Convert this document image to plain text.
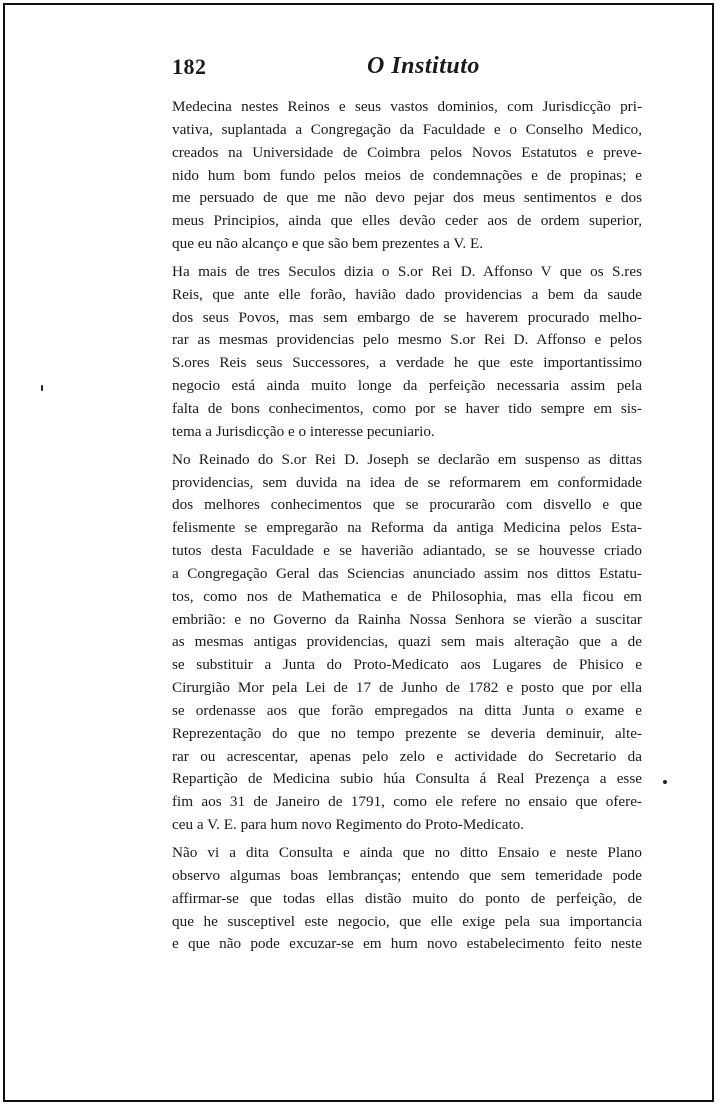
182	O Instituto
Medecina nestes Reinos e seus vastos dominios, com Jurisdicção pri-
vativa, suplantada a Congregação da Faculdade e o Conselho Medico,
creados na Universidade de Coimbra pelos Novos Estatutos e preve-
nido hum bom fundo pelos meios de condemnações e de propinas; e
me persuado de que me não devo pejar dos meus sentimentos e dos
meus Principios, ainda que elles devão ceder aos de ordem superior,
que eu não alcanço e que são bem prezentes a V. E.
Ha mais de tres Seculos dizia o S.or Rei D. Affonso V que os S.res
Reis, que ante elle forão, havião dado providencias a bem da saude
dos seus Povos, mas sem embargo de se haverem procurado melho-
rar as mesmas providencias pelo mesmo S.or Rei D. Affonso e pelos
S.ores Reis seus Successores, a verdade he que este importantissimo
negocio está ainda muito longe da perfeição necessaria assim pela
falta de bons conhecimentos, como por se haver tido sempre em sis-
tema a Jurisdicção e o interesse pecuniario.
No Reinado do S.or Rei D. Joseph se declarão em suspenso as dittas
providencias, sem duvida na idea de se reformarem em conformidade
dos melhores conhecimentos que se procurarão com disvello e que
felismente se empregarão na Reforma da antiga Medicina pelos Esta-
tutos desta Faculdade e se haverião adiantado, se se houvesse criado
a Congregação Geral das Sciencias anunciado assim nos dittos Estatu-
tos, como nos de Mathematica e de Philosophia, mas ella ficou em
embrião: e no Governo da Rainha Nossa Senhora se vierão a suscitar
as mesmas antigas providencias, quazi sem mais alteração que a de
se substituir a Junta do Proto-Medicato aos Lugares de Phisico e
Cirurgião Mor pela Lei de 17 de Junho de 1782 e posto que por ella
se ordenasse aos que forão empregados na ditta Junta o exame e
Reprezentação do que no tempo prezente se deveria deminuir, alte-
rar ou acrescentar, apenas pelo zelo e actividade do Secretario da
Repartição de Medicina subio húa Consulta á Real Prezença a esse
fim aos 31 de Janeiro de 1791, como ele refere no ensaio que ofere-
ceu a V. E. para hum novo Regimento do Proto-Medicato.
Não vi a dita Consulta e ainda que no ditto Ensaio e neste Plano
observo algumas boas lembranças; entendo que sem temeridade pode
affirmar-se que todas ellas distão muito do ponto de perfeição, de
que he susceptivel este negocio, que elle exige pela sua importancia
e que não pode excuzar-se em hum novo estabelecimento feito neste
